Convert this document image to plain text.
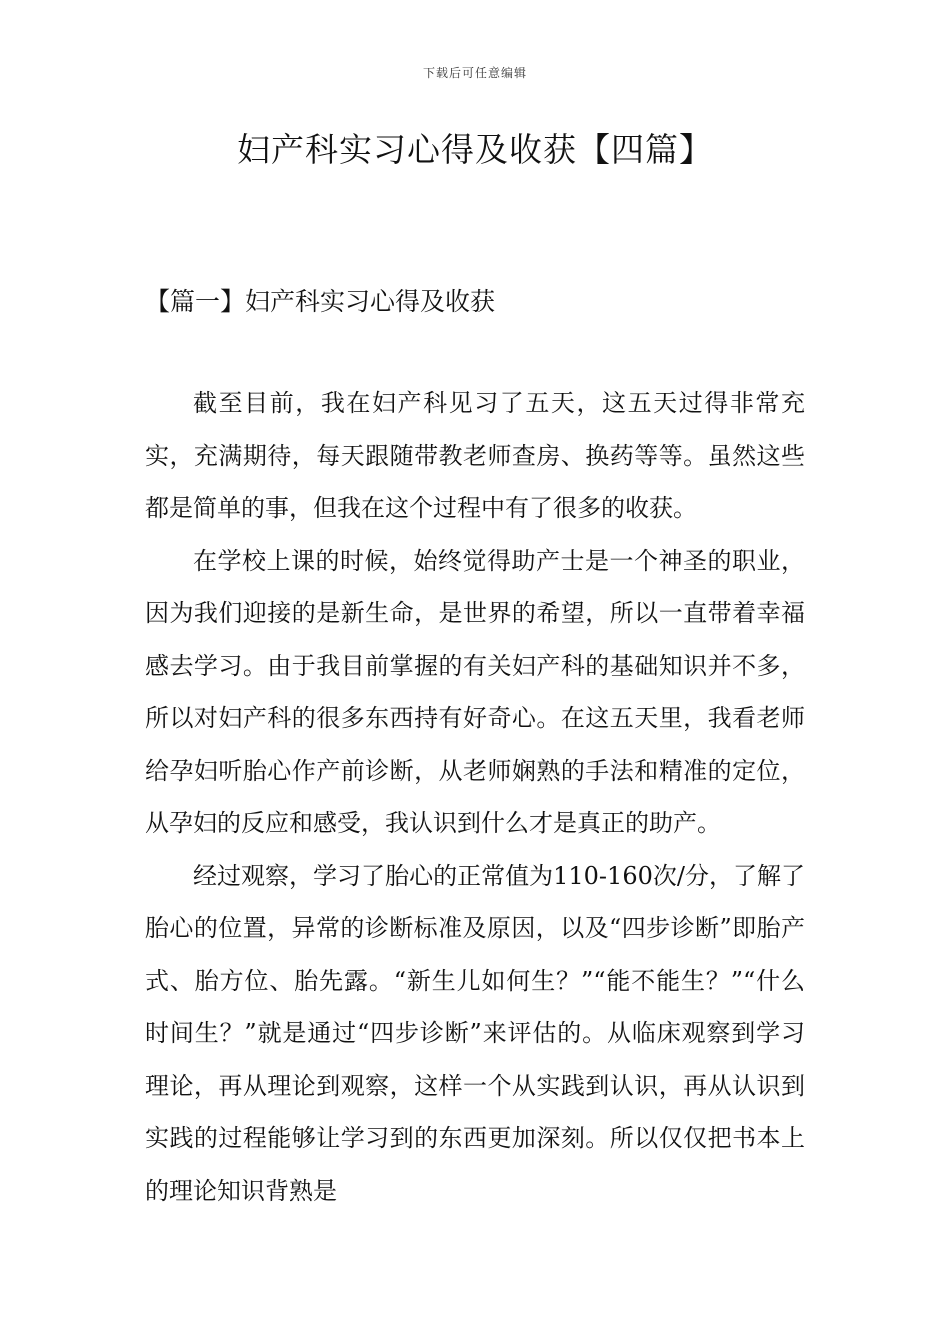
下载后可任意编辑
妇产科实习心得及收获【四篇】
【篇一】妇产科实习心得及收获

截至目前，我在妇产科见习了五天，这五天过得非常充实，充满期待，每天跟随带教老师查房、换药等等。虽然这些都是简单的事，但我在这个过程中有了很多的收获。

在学校上课的时候，始终觉得助产士是一个神圣的职业，因为我们迎接的是新生命，是世界的希望，所以一直带着幸福感去学习。由于我目前掌握的有关妇产科的基础知识并不多，所以对妇产科的很多东西持有好奇心。在这五天里，我看老师给孕妇听胎心作产前诊断，从老师娴熟的手法和精准的定位，从孕妇的反应和感受，我认识到什么才是真正的助产。

经过观察，学习了胎心的正常值为110-160次/分，了解了胎心的位置，异常的诊断标准及原因，以及“四步诊断”即胎产式、胎方位、胎先露。“新生儿如何生？”“能不能生？”“什么时间生？”就是通过“四步诊断”来评估的。从临床观察到学习理论，再从理论到观察，这样一个从实践到认识，再从认识到实践的过程能够让学习到的东西更加深刻。所以仅仅把书本上的理论知识背熟是
